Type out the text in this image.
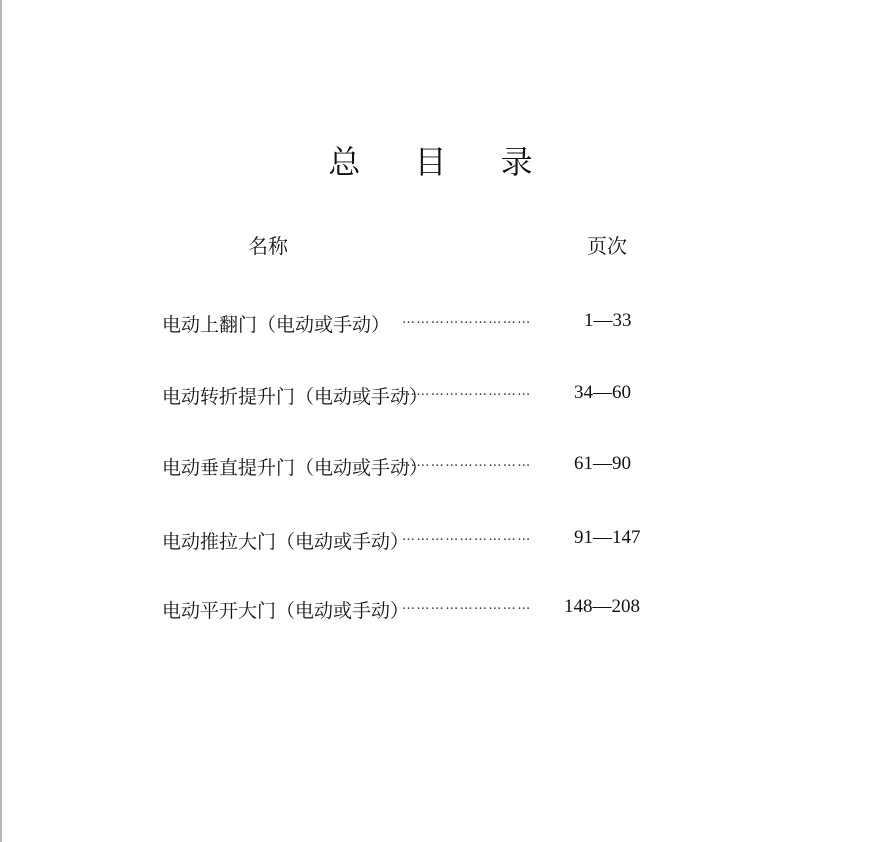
总 目 录
名称	页次
电动上翻门（电动或手动） ………………………	1—33
电动转折提升门（电动或手动）
……………………… 34—60
电动垂直提升门（电动或手动）
……………………… 61—90
电动推拉大门（电动或手动）
……………………… 91—147
电动平开大门（电动或手动）
……………………… 148—208
